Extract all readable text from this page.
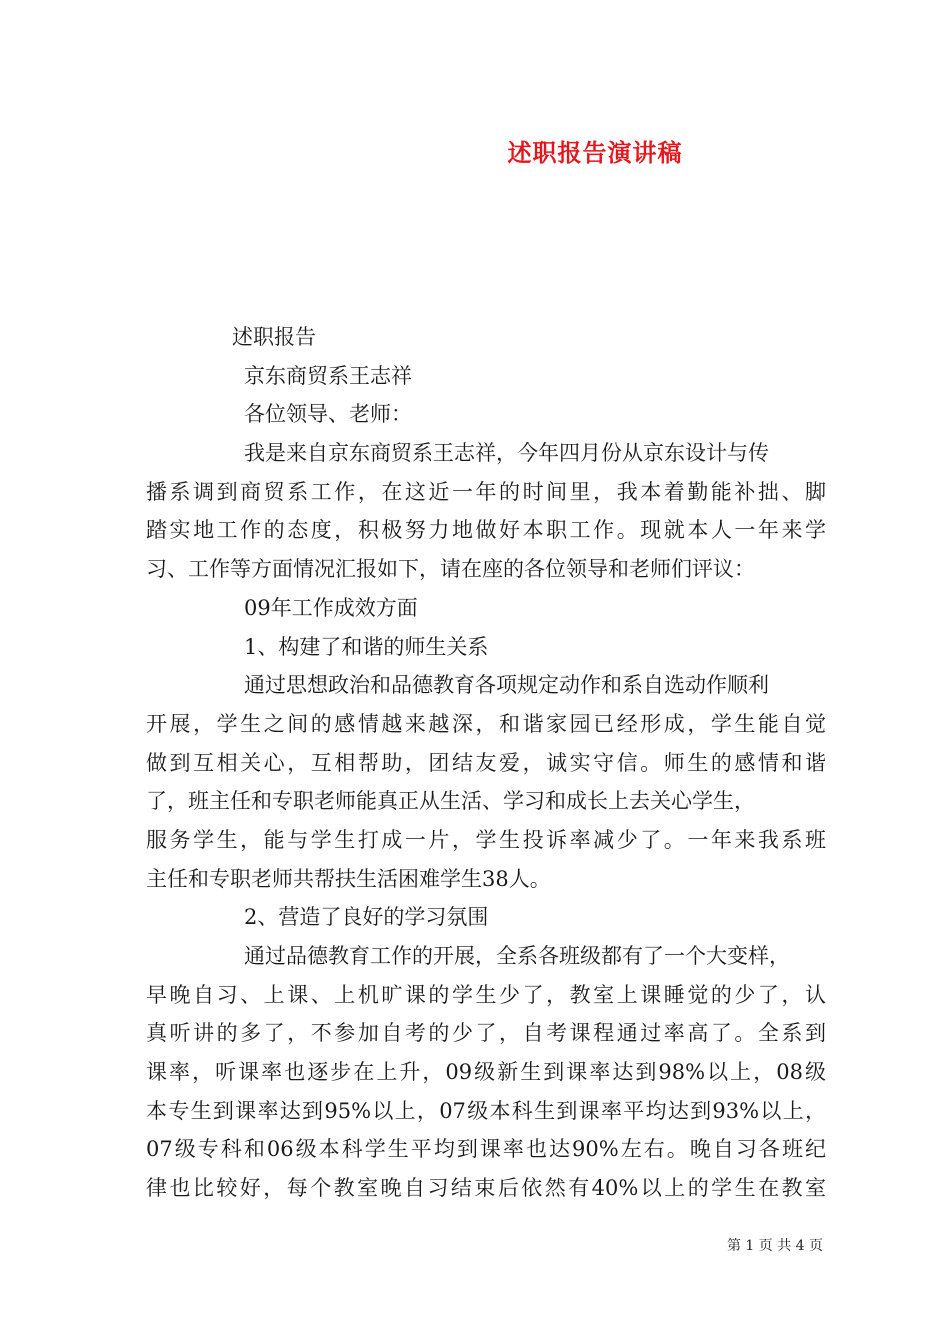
述职报告演讲稿
述职报告
京东商贸系王志祥
各位领导、老师：
我是来自京东商贸系王志祥，今年四月份从京东设计与传
播系调到商贸系工作，在这近一年的时间里，我本着勤能补拙、脚
踏实地工作的态度，积极努力地做好本职工作。现就本人一年来学
习、工作等方面情况汇报如下，请在座的各位领导和老师们评议：
09年工作成效方面
1、构建了和谐的师生关系
通过思想政治和品德教育各项规定动作和系自选动作顺利
开展，学生之间的感情越来越深，和谐家园已经形成，学生能自觉
做到互相关心，互相帮助，团结友爱，诚实守信。师生的感情和谐
了，班主任和专职老师能真正从生活、学习和成长上去关心学生，
服务学生，能与学生打成一片，学生投诉率减少了。一年来我系班
主任和专职老师共帮扶生活困难学生38人。
2、营造了良好的学习氛围
通过品德教育工作的开展，全系各班级都有了一个大变样，
早晚自习、上课、上机旷课的学生少了，教室上课睡觉的少了，认
真听讲的多了，不参加自考的少了，自考课程通过率高了。全系到
课率，听课率也逐步在上升，09级新生到课率达到98%以上，08级
本专生到课率达到95%以上，07级本科生到课率平均达到93%以上，
07级专科和06级本科学生平均到课率也达90%左右。晚自习各班纪
律也比较好，每个教室晚自习结束后依然有40%以上的学生在教室
第 1 页 共 4 页
